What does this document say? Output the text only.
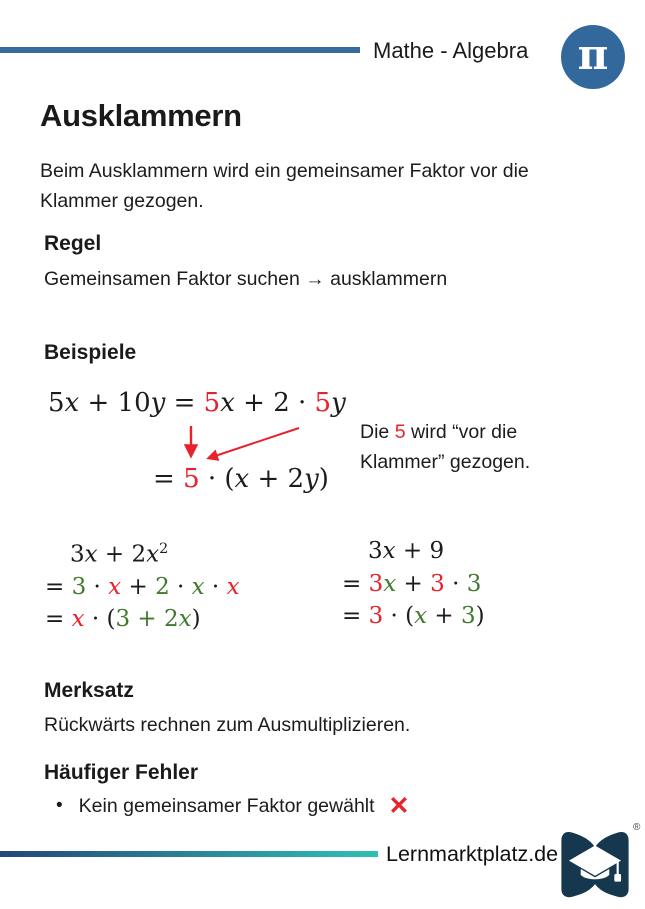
Mathe - Algebra π
Ausklammern
Beim Ausklammern wird ein gemeinsamer Faktor vor die
Klammer gezogen.
Regel
Gemeinsamen Faktor suchen → ausklammern
Beispiele
5x + 10y = 5x + 2 · 5y
= 5 · (x + 2y)
Die 5 wird “vor die
Klammer” gezogen.
$3x + 2x^2$
= 3 · x + 2 · x · x
= x · (3 + 2x)
3x + 9
= 3x + 3 · 3
= 3 · (x + 3)
Merksatz
Rückwärts rechnen zum Ausmultiplizieren.
Häufiger Fehler
• Kein gemeinsamer Faktor gewählt ✕
Lernmarktplatz.de
®
